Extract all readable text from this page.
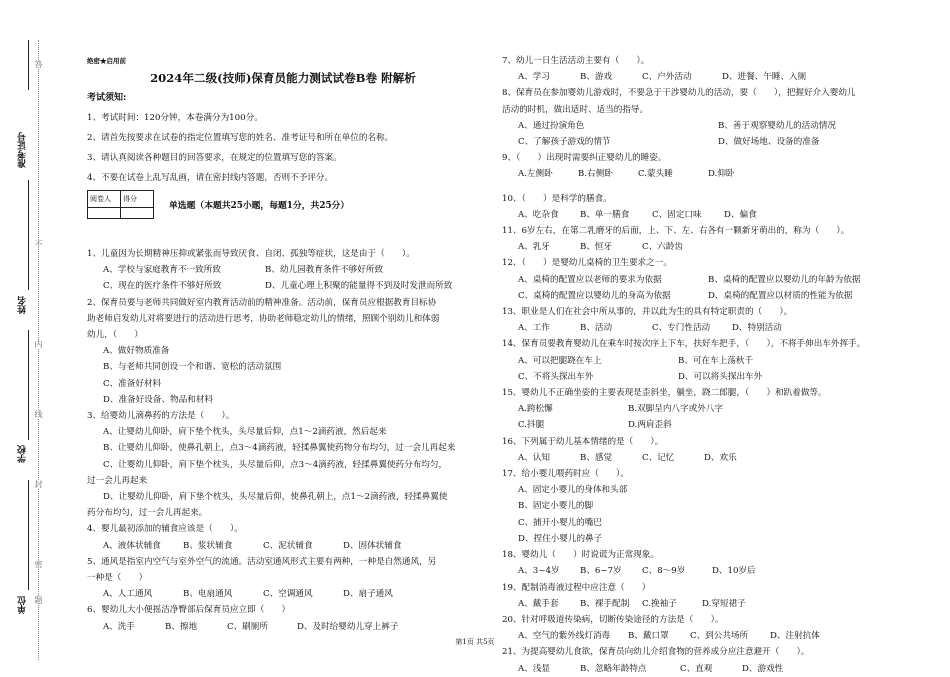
准考证号
姓名
学校
单位
答
不
内
线
封
密
题
绝密★启用前
2024年二级(技师)保育员能力测试试卷B卷 附解析
考试须知:
1、考试时间：120分钟，本卷满分为100分。
2、请首先按要求在试卷的指定位置填写您的姓名、准考证号和所在单位的名称。
3、请认真阅读各种题目的回答要求，在规定的位置填写您的答案。
4、不要在试卷上乱写乱画，请在密封线内答题，否则不予评分。
阅卷人	得分

单选题（本题共25小题，每题1分，共25分）
1、儿童因为长期精神压抑或紧张而导致厌食、自闭、孤独等症状，这是由于（　　）。
A、学校与家庭教育不一致所致	B、幼儿园教育条件不够好所致
C、现在的医疗条件不够好所致	D、儿童心理上积聚的能量得不到及时发泄而所致
2、保育员要与老师共同做好室内教育活动前的精神准备。活动前，保育员应根据教育目标协
助老师启发幼儿对将要进行的活动进行思考，协助老师稳定幼儿的情绪，照顾个别幼儿和体弱
幼儿，（　　）
A、做好物质准备
B、与老师共同创设一个和谐、宽松的活动氛围
C、准备好材料
D、准备好设备、物品和材料
3、给婴幼儿滴鼻药的方法是（　　）。
A、让婴幼儿仰卧，肩下垫个枕头，头尽量后仰，点1～2滴药液，然后起来
B、让婴幼儿仰卧，使鼻孔朝上，点3～4滴药液，轻揉鼻翼使药物分布均匀，过一会儿再起来
C、让婴幼儿仰卧，肩下垫个枕头，头尽量后仰，点3～4滴药液，轻揉鼻翼使药分布均匀，
过一会儿再起来
D、让婴幼儿仰卧，肩下垫个枕头，头尽量后仰，使鼻孔朝上，点1～2滴药液，轻揉鼻翼使
药分布均匀，过一会儿再起来。
4、婴儿最初添加的辅食应该是（　　）。
A、液体状辅食	B、浆状辅食	C、泥状辅食	D、固体状辅食
5、通风是指室内空气与室外空气的流通。活动室通风形式主要有两种，一种是自然通风，另
一种是（　　）
A、人工通风	B、电扇通风	C、空调通风	D、扇子通风
6、婴幼儿大小便摇洁净臀部后保育员应立即（　　）
A、洗手	B、擦地	C、刷厕所	D、及时给婴幼儿穿上裤子
7、幼儿一日生活活动主要有（　　）。
A、学习	B、游戏	C、户外活动	D、进餐、午睡、入厕
8、保育员在参加婴幼儿游戏时，不要急于干涉婴幼儿的活动，要（　　），把握好介入婴幼儿
活动的时机，做出适时、适当的指导。
A、通过扮演角色	B、善于观察婴幼儿的活动情况
C、了解孩子游戏的情节	D、做好场地、设备的准备
9、（　　）出现时需要纠正婴幼儿的睡姿。
A.左侧卧	B.右侧卧	C.蒙头睡	D.仰卧
10、（　　）是科学的膳食。
A、吃杂食	B、单一膳食	C、固定口味	D、偏食
11、6岁左右，在第二乳磨牙的后面，上、下、左、右各有一颗新牙萌出的，称为（　　）。
A、乳牙	B、恒牙	C、六龄齿
12、（　　）是婴幼儿桌椅的卫生要求之一。
A、桌椅的配置应以老师的要求为依据	B、桌椅的配置应以婴幼儿的年龄为依据
C、桌椅的配置应以婴幼儿的身高为依据	D、桌椅的配置应以材质的性能为依据
13、职业是人们在社会中所从事的，并以此为生的具有特定职责的（　　）。
A、工作	B、活动	C、专门性活动	D、特别活动
14、保育员要教育婴幼儿在乘车时按次序上下车，扶好车把手，（　　），不将手伸出车外挥手。
A、可以把腿跷在车上	B、可在车上荡秋千
C、不将头探出车外	D、可以将头探出车外
15、婴幼儿不正确坐姿的主要表现是歪斜坐，躺坐，跷二郎腿，（　　）和趴着做等。
A.跨松懈	B.双脚呈内八字或外八字
C.抖腿	D.两肩歪斜
16、下列属于幼儿基本情绪的是（　　）。
A、认知	B、感觉	C、记忆	D、欢乐
17、给小婴儿喂药时应（　　）。
A、固定小婴儿的身体和头部
B、固定小婴儿的脚
C、捕开小婴儿的嘴巴
D、捏住小婴儿的鼻子
18、婴幼儿（　　）时说谎为正常现象。
A、3~4岁	B、6~7岁	C、8～9岁	D、10岁后
19、配制消毒液过程中应注意（　　）
A、戴手套	B、裸手配制	C.挽袖子	D.穿短裙子
20、针对呼吸道传染病，切断传染途径的方法是（　　）。
A、空气的紫外线灯消毒	B、戴口罩	C、到公共场所	D、注射抗体
21、为提高婴幼儿食欲，保育员向幼儿介绍食物的营养成分应注意避开（　　）。
A、浅显	B、忽略年龄特点	C、直观	D、游戏性
第1页 共5页
